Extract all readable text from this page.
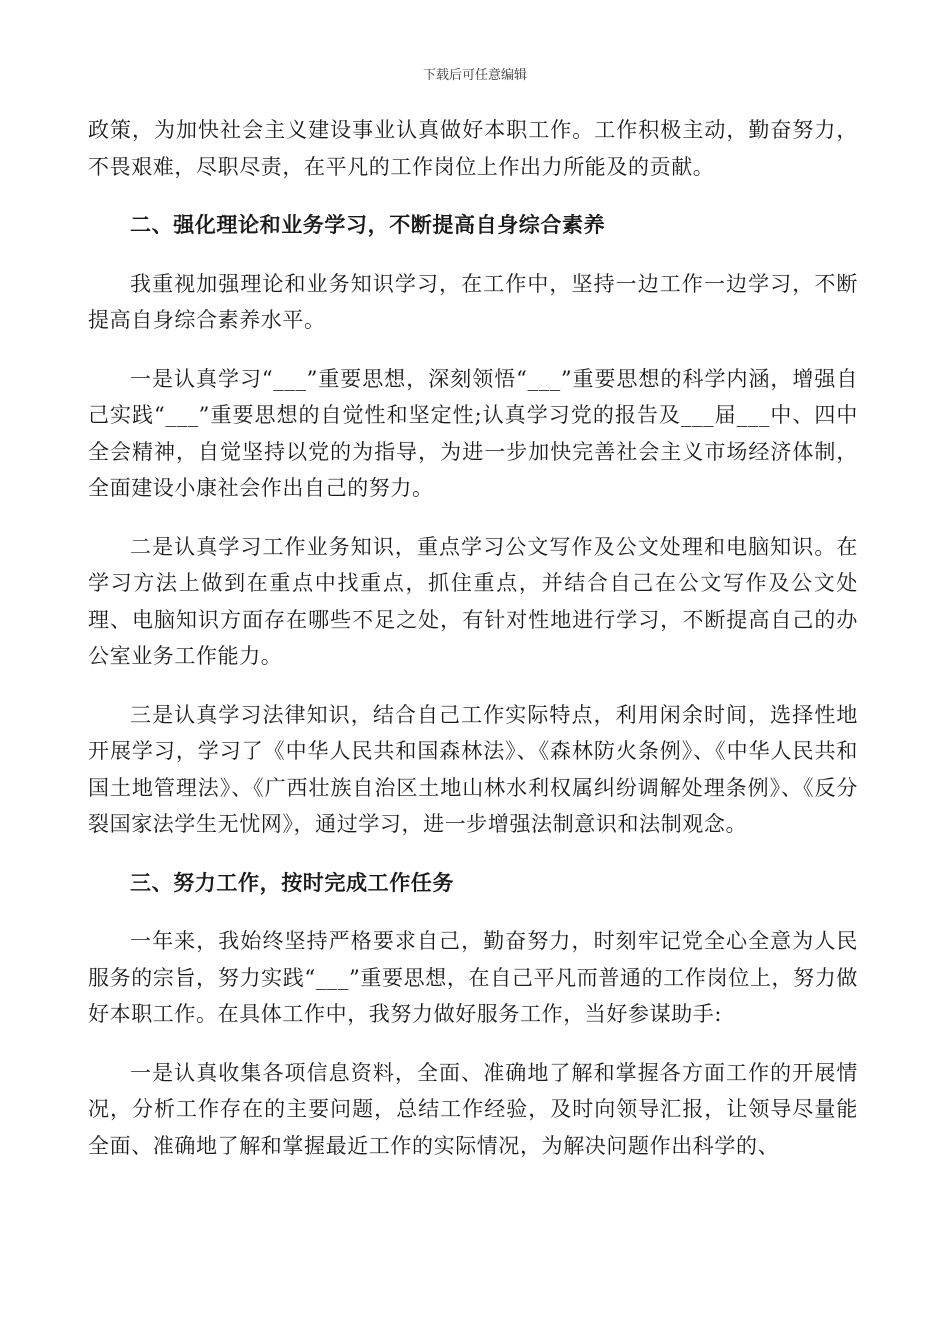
下载后可任意编辑

政策，为加快社会主义建设事业认真做好本职工作。工作积极主动，勤奋努力，不畏艰难，尽职尽责，在平凡的工作岗位上作出力所能及的贡献。

二、强化理论和业务学习，不断提高自身综合素养

我重视加强理论和业务知识学习，在工作中，坚持一边工作一边学习，不断提高自身综合素养水平。

一是认真学习“___”重要思想，深刻领悟“___”重要思想的科学内涵，增强自己实践“___”重要思想的自觉性和坚定性;认真学习党的报告及___届___中、四中全会精神，自觉坚持以党的为指导，为进一步加快完善社会主义市场经济体制，全面建设小康社会作出自己的努力。

二是认真学习工作业务知识，重点学习公文写作及公文处理和电脑知识。在学习方法上做到在重点中找重点，抓住重点，并结合自己在公文写作及公文处理、电脑知识方面存在哪些不足之处，有针对性地进行学习，不断提高自己的办公室业务工作能力。

三是认真学习法律知识，结合自己工作实际特点，利用闲余时间，选择性地开展学习，学习了《中华人民共和国森林法》、《森林防火条例》、《中华人民共和国土地管理法》、《广西壮族自治区土地山林水利权属纠纷调解处理条例》、《反分裂国家法学生无忧网》，通过学习，进一步增强法制意识和法制观念。

三、努力工作，按时完成工作任务

一年来，我始终坚持严格要求自己，勤奋努力，时刻牢记党全心全意为人民服务的宗旨，努力实践“___”重要思想，在自己平凡而普通的工作岗位上，努力做好本职工作。在具体工作中，我努力做好服务工作，当好参谋助手:

一是认真收集各项信息资料，全面、准确地了解和掌握各方面工作的开展情况，分析工作存在的主要问题，总结工作经验，及时向领导汇报，让领导尽量能全面、准确地了解和掌握最近工作的实际情况，为解决问题作出科学的、
